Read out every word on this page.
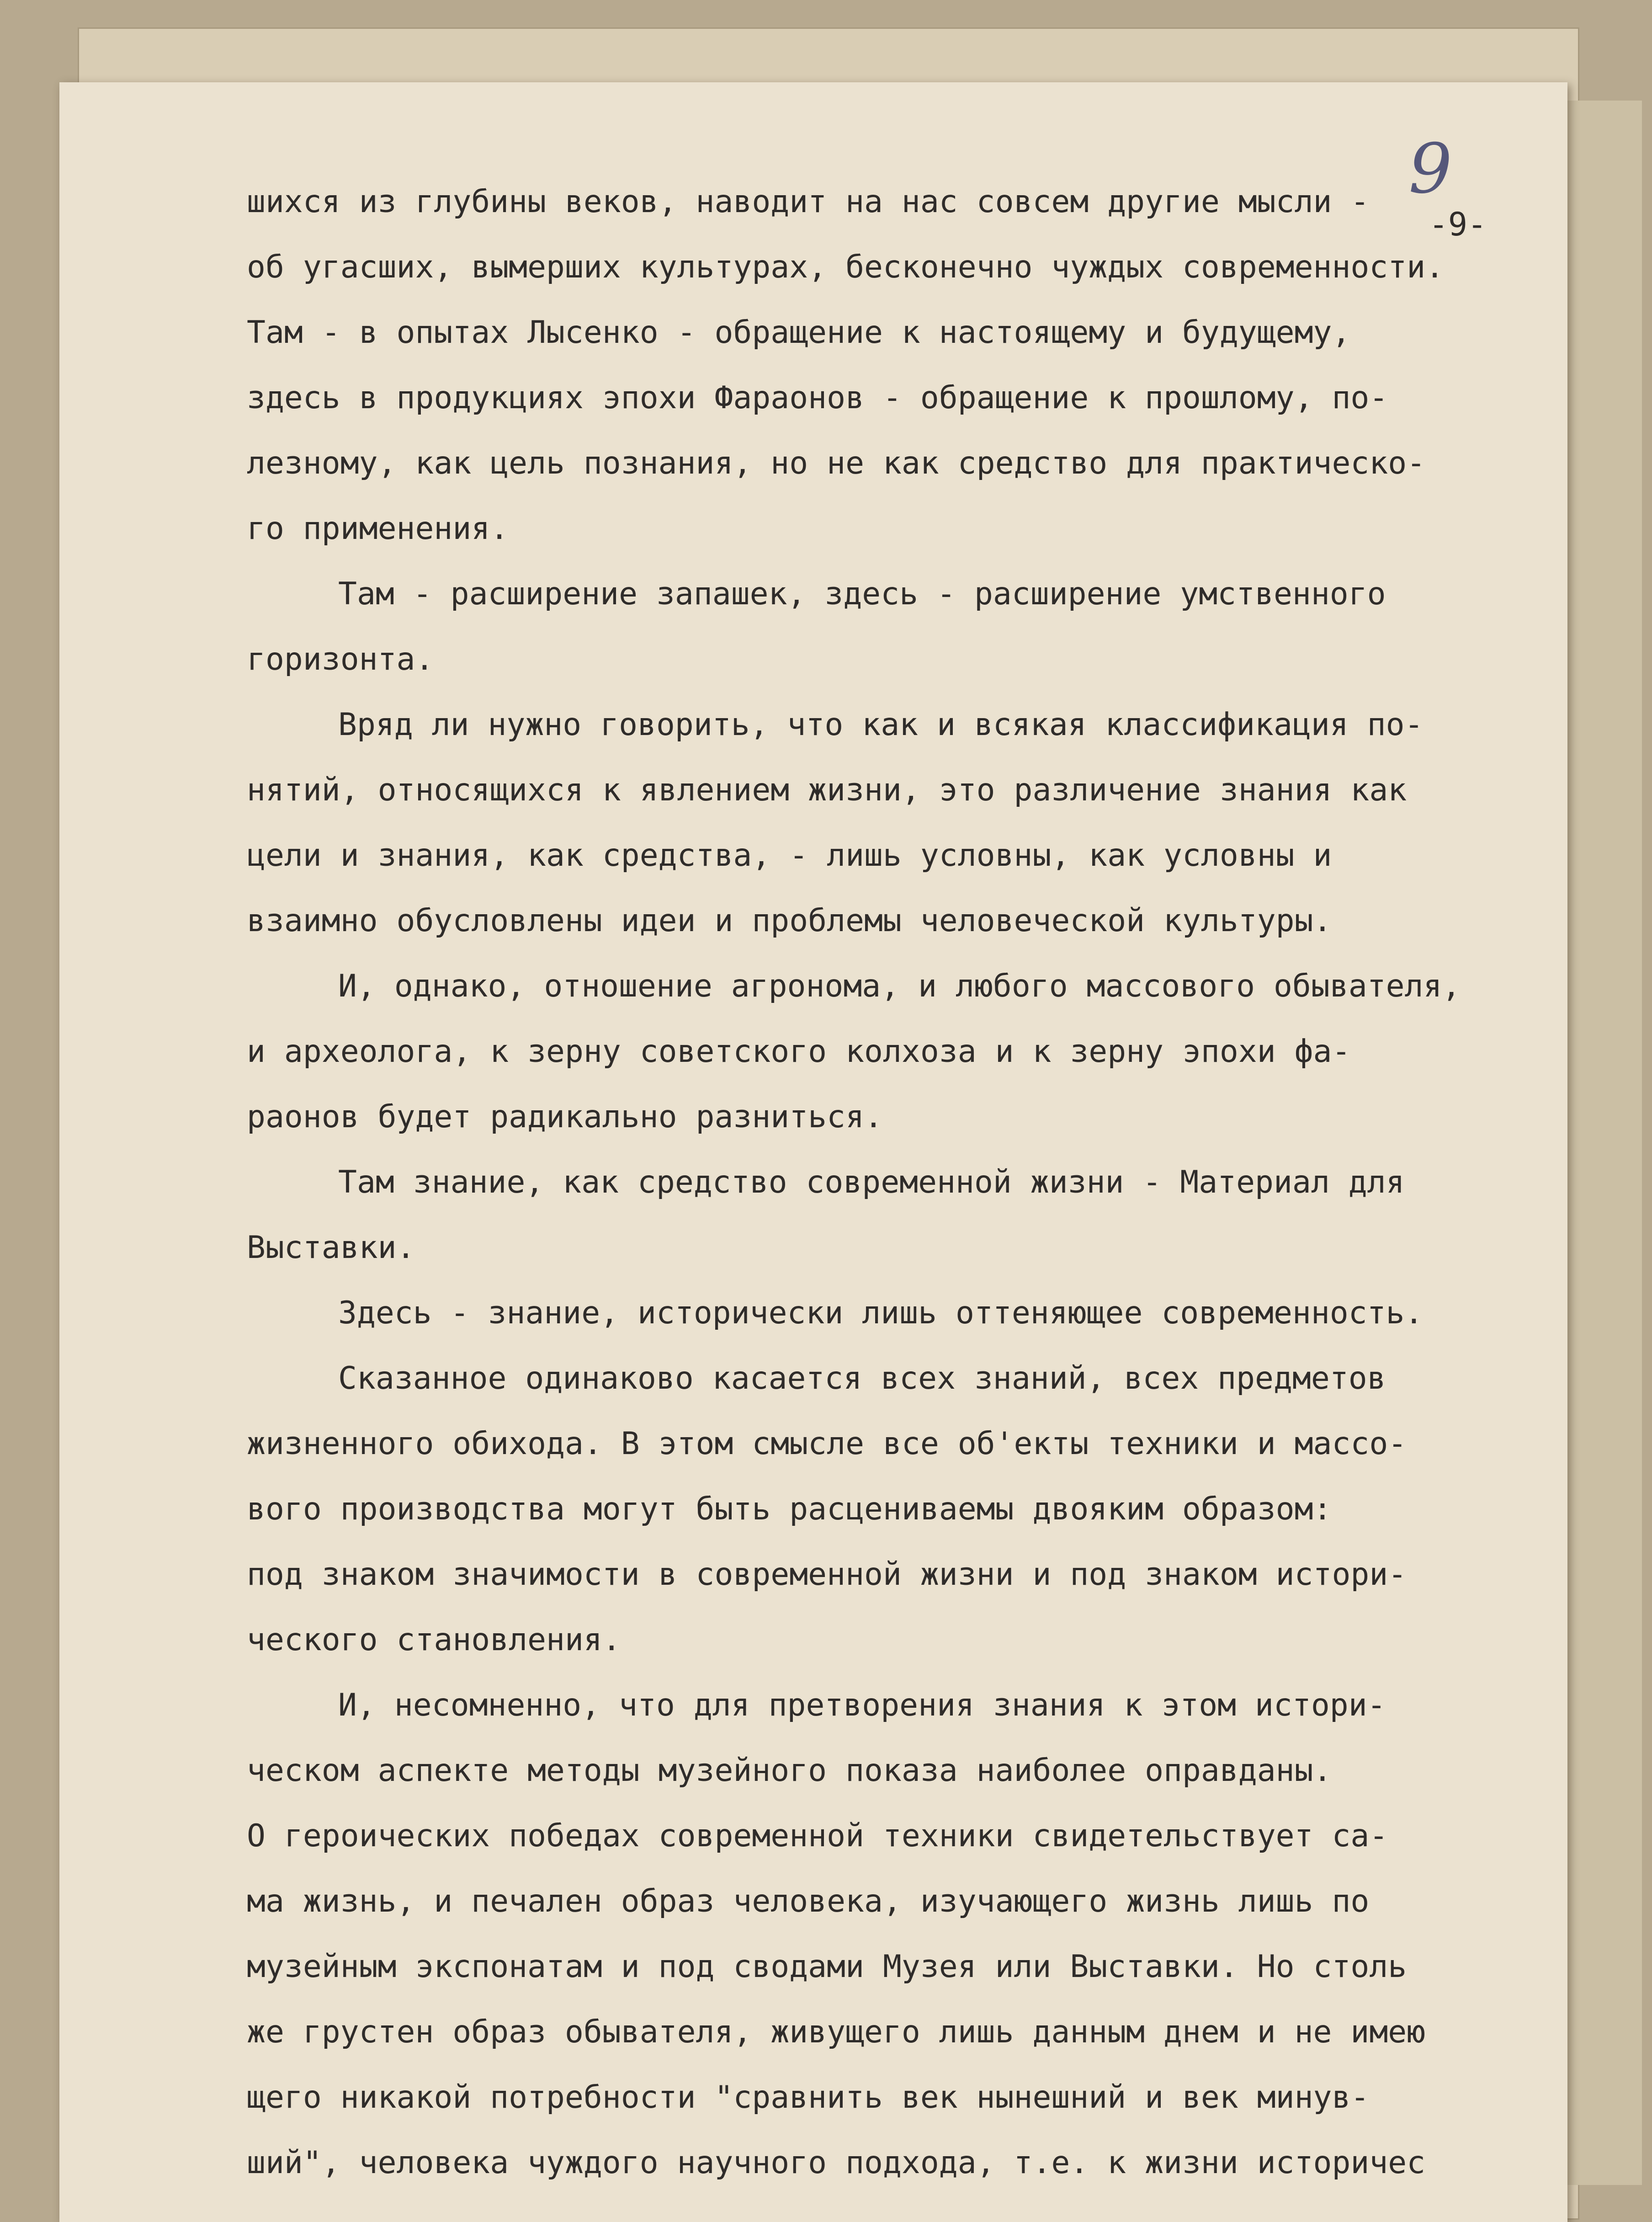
9
-9-
шихся из глубины веков, наводит на нас совсем другие мысли -
об угасших, вымерших культурах, бесконечно чуждых современности.
Там - в опытах Лысенко - обращение к настоящему и будущему,
здесь в продукциях эпохи Фараонов - обращение к прошлому, по-
лезному, как цель познания, но не как средство для практическо-
го применения.
Там - расширение запашек, здесь - расширение умственного
горизонта.
Вряд ли нужно говорить, что как и всякая классификация по-
нятий, относящихся к явлением жизни, это различение знания как
цели и знания, как средства, - лишь условны, как условны и
взаимно обусловлены идеи и проблемы человеческой культуры.
И, однако, отношение агронома, и любого массового обывателя,
и археолога, к зерну советского колхоза и к зерну эпохи фа-
раонов будет радикально разниться.
Там знание, как средство современной жизни - Материал для
Выставки.
Здесь - знание, исторически лишь оттеняющее современность.
Сказанное одинаково касается всех знаний, всех предметов
жизненного обихода. В этом смысле все об'екты техники и массо-
вого производства могут быть расцениваемы двояким образом:
под знаком значимости в современной жизни и под знаком истори-
ческого становления.
И, несомненно, что для претворения знания к этом истори-
ческом аспекте методы музейного показа наиболее оправданы.
О героических победах современной техники свидетельствует са-
ма жизнь, и печален образ человека, изучающего жизнь лишь по
музейным экспонатам и под сводами Музея или Выставки. Но столь
же грустен образ обывателя, живущего лишь данным днем и не имею
щего никакой потребности "сравнить век нынешний и век минув-
ший", человека чуждого научного подхода, т.е. к жизни историчес
